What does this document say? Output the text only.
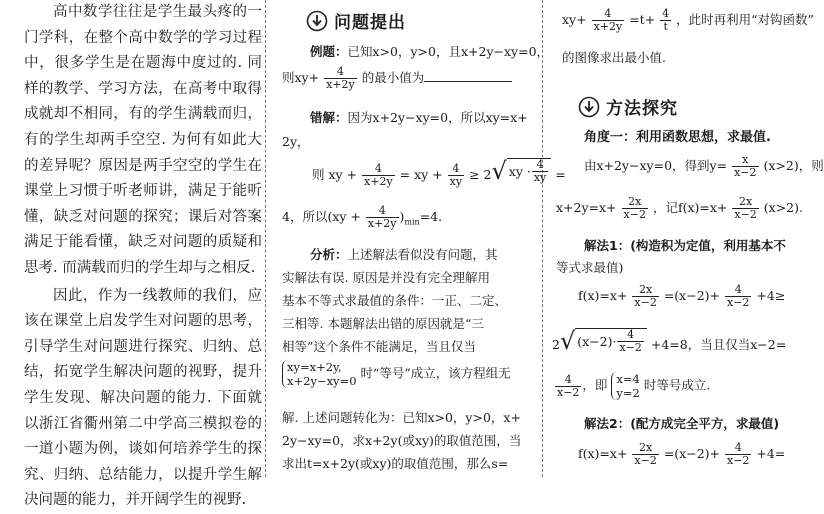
高中数学往往是学生最头疼的一门学科，在整个高中数学的学习过程中，很多学生是在题海中度过的. 同样的教学、学习方法，在高考中取得成就却不相同，有的学生满载而归，有的学生却两手空空. 为何有如此大的差异呢？原因是两手空空的学生在课堂上习惯于听老师讲，满足于能听懂，缺乏对问题的探究；课后对答案满足于能看懂，缺乏对问题的质疑和思考. 而满载而归的学生却与之相反.

因此，作为一线教师的我们，应该在课堂上启发学生对问题的思考，引导学生对问题进行探究、归纳、总结，拓宽学生解决问题的视野，提升学生发现、解决问题的能力. 下面就以浙江省衢州第二中学高三模拟卷的一道小题为例，谈如何培养学生的探究、归纳、总结能力，以提升学生解决问题的能力，并开阔学生的视野.

问题提出
例题：已知x>0，y>0，且x+2y−xy=0，
则$xy+ \frac{4}{x+2y}$ 的最小值为
错解：因为x+2y−xy=0，所以xy=x+
2y，
则 xy + $\frac{4}{x+2y}$ = xy + $\frac{4}{xy} \ge 2$ √ xy · $\frac{4}{xy}$ =
4，所以$(xy + \frac{4}{x+2y} )_{min}=4$.
分析：上述解法看似没有问题，其
实解法有误. 原因是并没有完全理解用
基本不等式求最值的条件：一正、二定、
三相等. 本题解法出错的原因就是“三
相等”这个条件不能满足，当且仅当
xy=x+2y,
x+2y−xy=0 时“等号”成立，该方程组无
解. 上述问题转化为：已知x>0，y>0，x+
2y−xy=0，求x+2y(或xy)的取值范围，当
求出t=x+2y(或xy)的取值范围，那么s=
$xy+ \frac{4}{x+2y} =t+ \frac{4}{t}$ ，此时再利用“对钩函数”
的图像求出最小值.
方法探究
角度一：利用函数思想，求最值.
由x+2y−xy=0，得到$y= \frac{x}{x-2} (x>2)$，则
$x+2y=x+ \frac{2x}{x-2}$ ，记$f(x)=x+ \frac{2x}{x-2} (x>2)$.
解法1：(构造积为定值，利用基本不
等式求最值)
$f(x)=x+ \frac{2x}{x-2} =(x-2)+ \frac{4}{x-2} +4\ge$
2 √ $(x-2)\cdot \frac{4}{x-2} +4=8$，当且仅当x−2=
$\frac{4}{x-2}$ ，即 x=4
y=2 时等号成立.
解法2：(配方成完全平方，求最值)
$f(x)=x+ \frac{2x}{x-2} =(x-2)+ \frac{4}{x-2} +4=$
